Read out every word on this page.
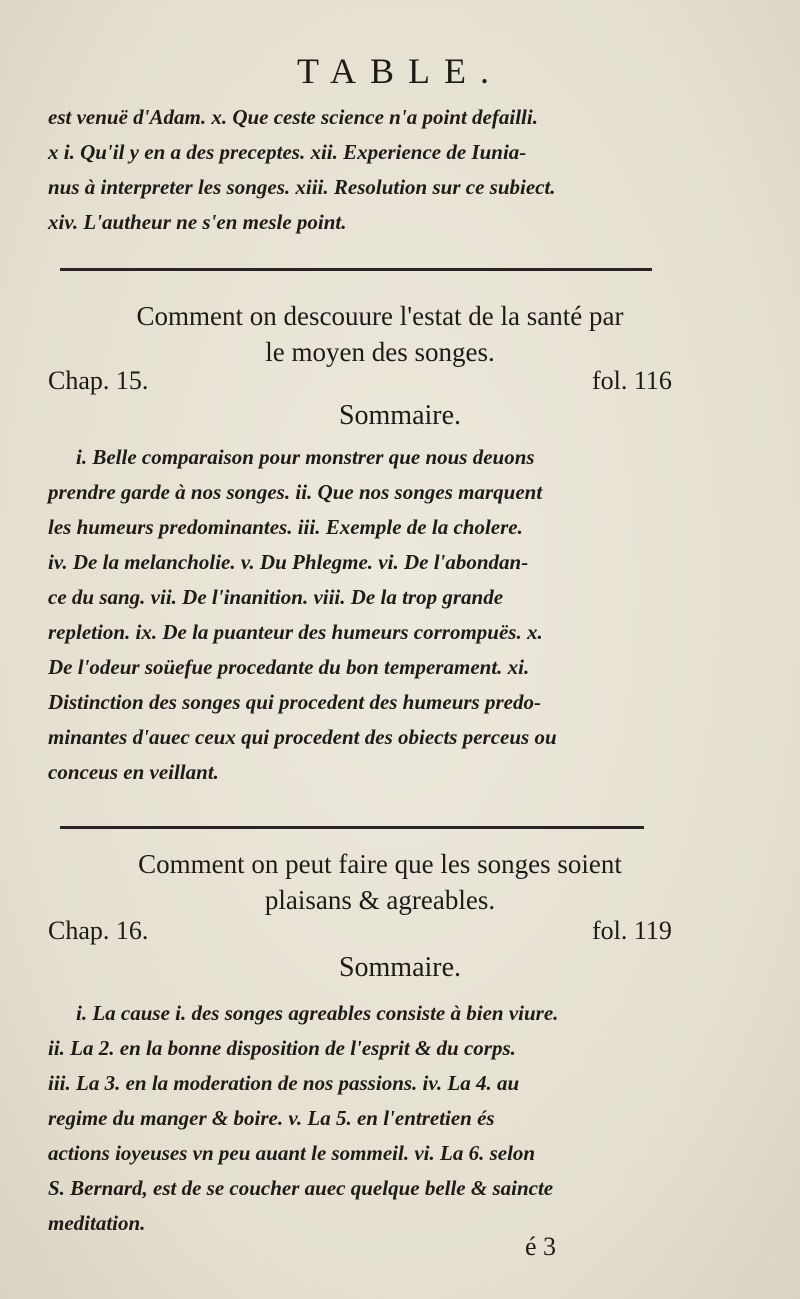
TABLE.
est venuë d'Adam. x. Que ceste science n'a point defailli.
x i. Qu'il y en a des preceptes. xii. Experience de Iunia-
nus à interpreter les songes. xiii. Resolution sur ce subiect.
xiv. L'autheur ne s'en mesle point.
Comment on descouure l'estat de la santé par
le moyen des songes.
Chap. 15.	fol. 116
Sommaire.
i. Belle comparaison pour monstrer que nous deuons
prendre garde à nos songes. ii. Que nos songes marquent
les humeurs predominantes. iii. Exemple de la cholere.
iv. De la melancholie. v. Du Phlegme. vi. De l'abondan-
ce du sang. vii. De l'inanition. viii. De la trop grande
repletion. ix. De la puanteur des humeurs corrompuës. x.
De l'odeur soüefue procedante du bon temperament. xi.
Distinction des songes qui procedent des humeurs predo-
minantes d'auec ceux qui procedent des obiects perceus ou
conceus en veillant.
Comment on peut faire que les songes soient
plaisans & agreables.
Chap. 16.	fol. 119
Sommaire.
i. La cause i. des songes agreables consiste à bien viure.
ii. La 2. en la bonne disposition de l'esprit & du corps.
iii. La 3. en la moderation de nos passions. iv. La 4. au
regime du manger & boire. v. La 5. en l'entretien és
actions ioyeuses vn peu auant le sommeil. vi. La 6. selon
S. Bernard, est de se coucher auec quelque belle & saincte
meditation.
é 3
